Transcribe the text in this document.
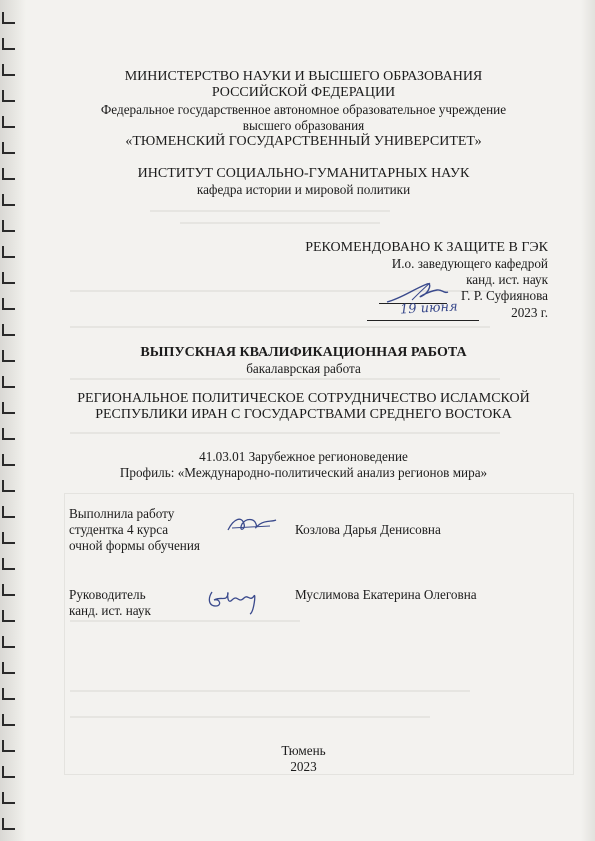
МИНИСТЕРСТВО НАУКИ И ВЫСШЕГО ОБРАЗОВАНИЯ
РОССИЙСКОЙ ФЕДЕРАЦИИ
Федеральное государственное автономное образовательное учреждение
высшего образования
«ТЮМЕНСКИЙ ГОСУДАРСТВЕННЫЙ УНИВЕРСИТЕТ»
ИНСТИТУТ СОЦИАЛЬНО-ГУМАНИТАРНЫХ НАУК
кафедра истории и мировой политики
РЕКОМЕНДОВАНО К ЗАЩИТЕ В ГЭК
И.о. заведующего кафедрой
канд. ист. наук
Г. Р. Суфиянова
19 июня	2023 г.
ВЫПУСКНАЯ КВАЛИФИКАЦИОННАЯ РАБОТА
бакалаврская работа
РЕГИОНАЛЬНОЕ ПОЛИТИЧЕСКОЕ СОТРУДНИЧЕСТВО ИСЛАМСКОЙ
РЕСПУБЛИКИ ИРАН С ГОСУДАРСТВАМИ СРЕДНЕГО ВОСТОКА
41.03.01 Зарубежное регионоведение
Профиль: «Международно-политический анализ регионов мира»
Выполнила работу
студентка 4 курса
очной формы обучения
Козлова Дарья Денисовна
Руководитель
канд. ист. наук
Муслимова Екатерина Олеговна
Тюмень
2023
